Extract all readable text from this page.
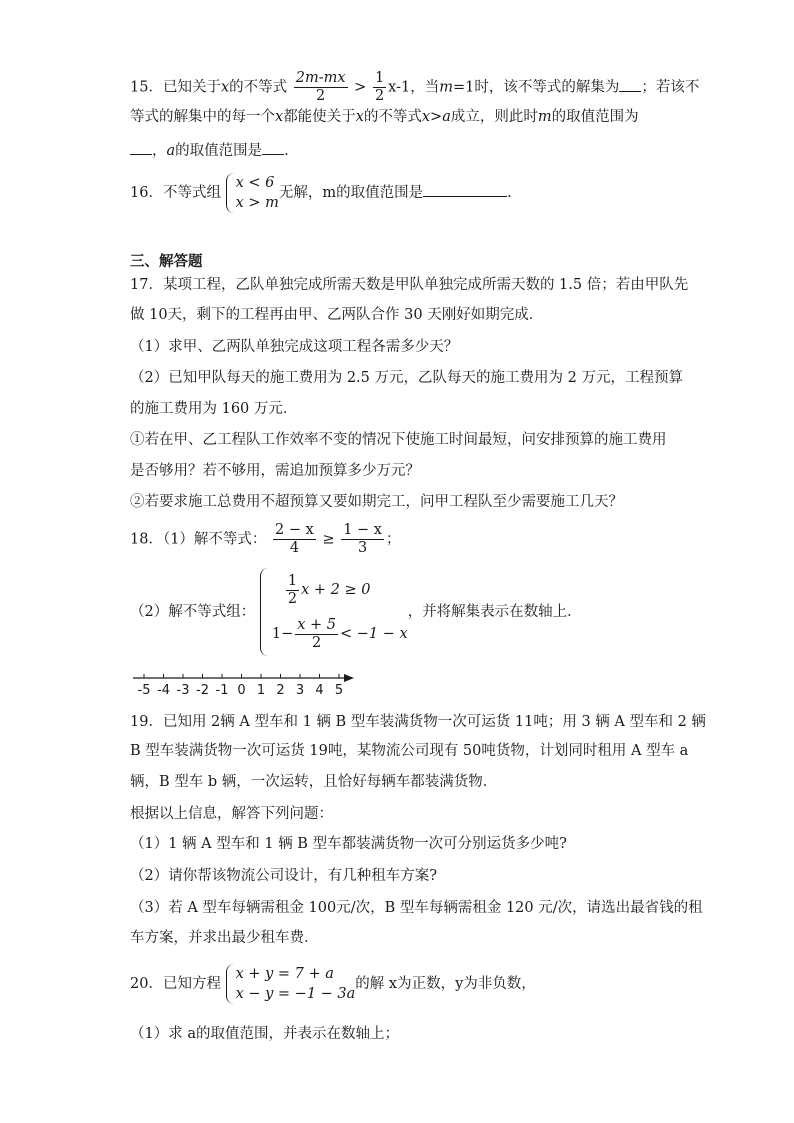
15．已知关于x的不等式 $\frac{2m-mx}{2} > \frac{1}{2} x-1$，当m=1时，该不等式的解集为 ；若该不
等式的解集中的每一个x都能使关于x的不等式x>a成立，则此时m的取值范围为
，a的取值范围是 .
16．不等式组
x < 6
x > m
无解，m的取值范围是	.
三、解答题
17．某项工程，乙队单独完成所需天数是甲队单独完成所需天数的 1.5 倍；若由甲队先
做 10天，剩下的工程再由甲、乙两队合作 30 天刚好如期完成．
（1）求甲、乙两队单独完成这项工程各需多少天？
（2）已知甲队每天的施工费用为 2.5 万元，乙队每天的施工费用为 2 万元，工程预算
的施工费用为 160 万元．
①若在甲、乙工程队工作效率不变的情况下使施工时间最短，问安排预算的施工费用
是否够用？若不够用，需追加预算多少万元？
②若要求施工总费用不超预算又要如期完工，问甲工程队至少需要施工几天？
18．（1）解不等式： $\frac{2 - x}{4} \ge \frac{1 - x}{3}$ ；
（2）解不等式组：
$\frac{1}{2}$ x + 2 ≥ 0
$1- \frac{x + 5}{2} < -1 - x$
，并将解集表示在数轴上．
-5 -4 -3 -2 -1 0 1 2 3 4 5
19．已知用 2辆 A 型车和 1 辆 B 型车装满货物一次可运货 11吨；用 3 辆 A 型车和 2 辆
B 型车装满货物一次可运货 19吨，某物流公司现有 50吨货物，计划同时租用 A 型车 a
辆，B 型车 b 辆，一次运转，且恰好每辆车都装满货物．
根据以上信息，解答下列问题：
（1）1 辆 A 型车和 1 辆 B 型车都装满货物一次可分别运货多少吨?
（2）请你帮该物流公司设计，有几种租车方案?
（3）若 A 型车每辆需租金 100元/次，B 型车每辆需租金 120 元/次，请选出最省钱的租
车方案，并求出最少租车费．
20．已知方程
x + y = 7 + a
x − y = −1 − 3a
的解 x为正数，y为非负数，
（1）求 a的取值范围，并表示在数轴上；
